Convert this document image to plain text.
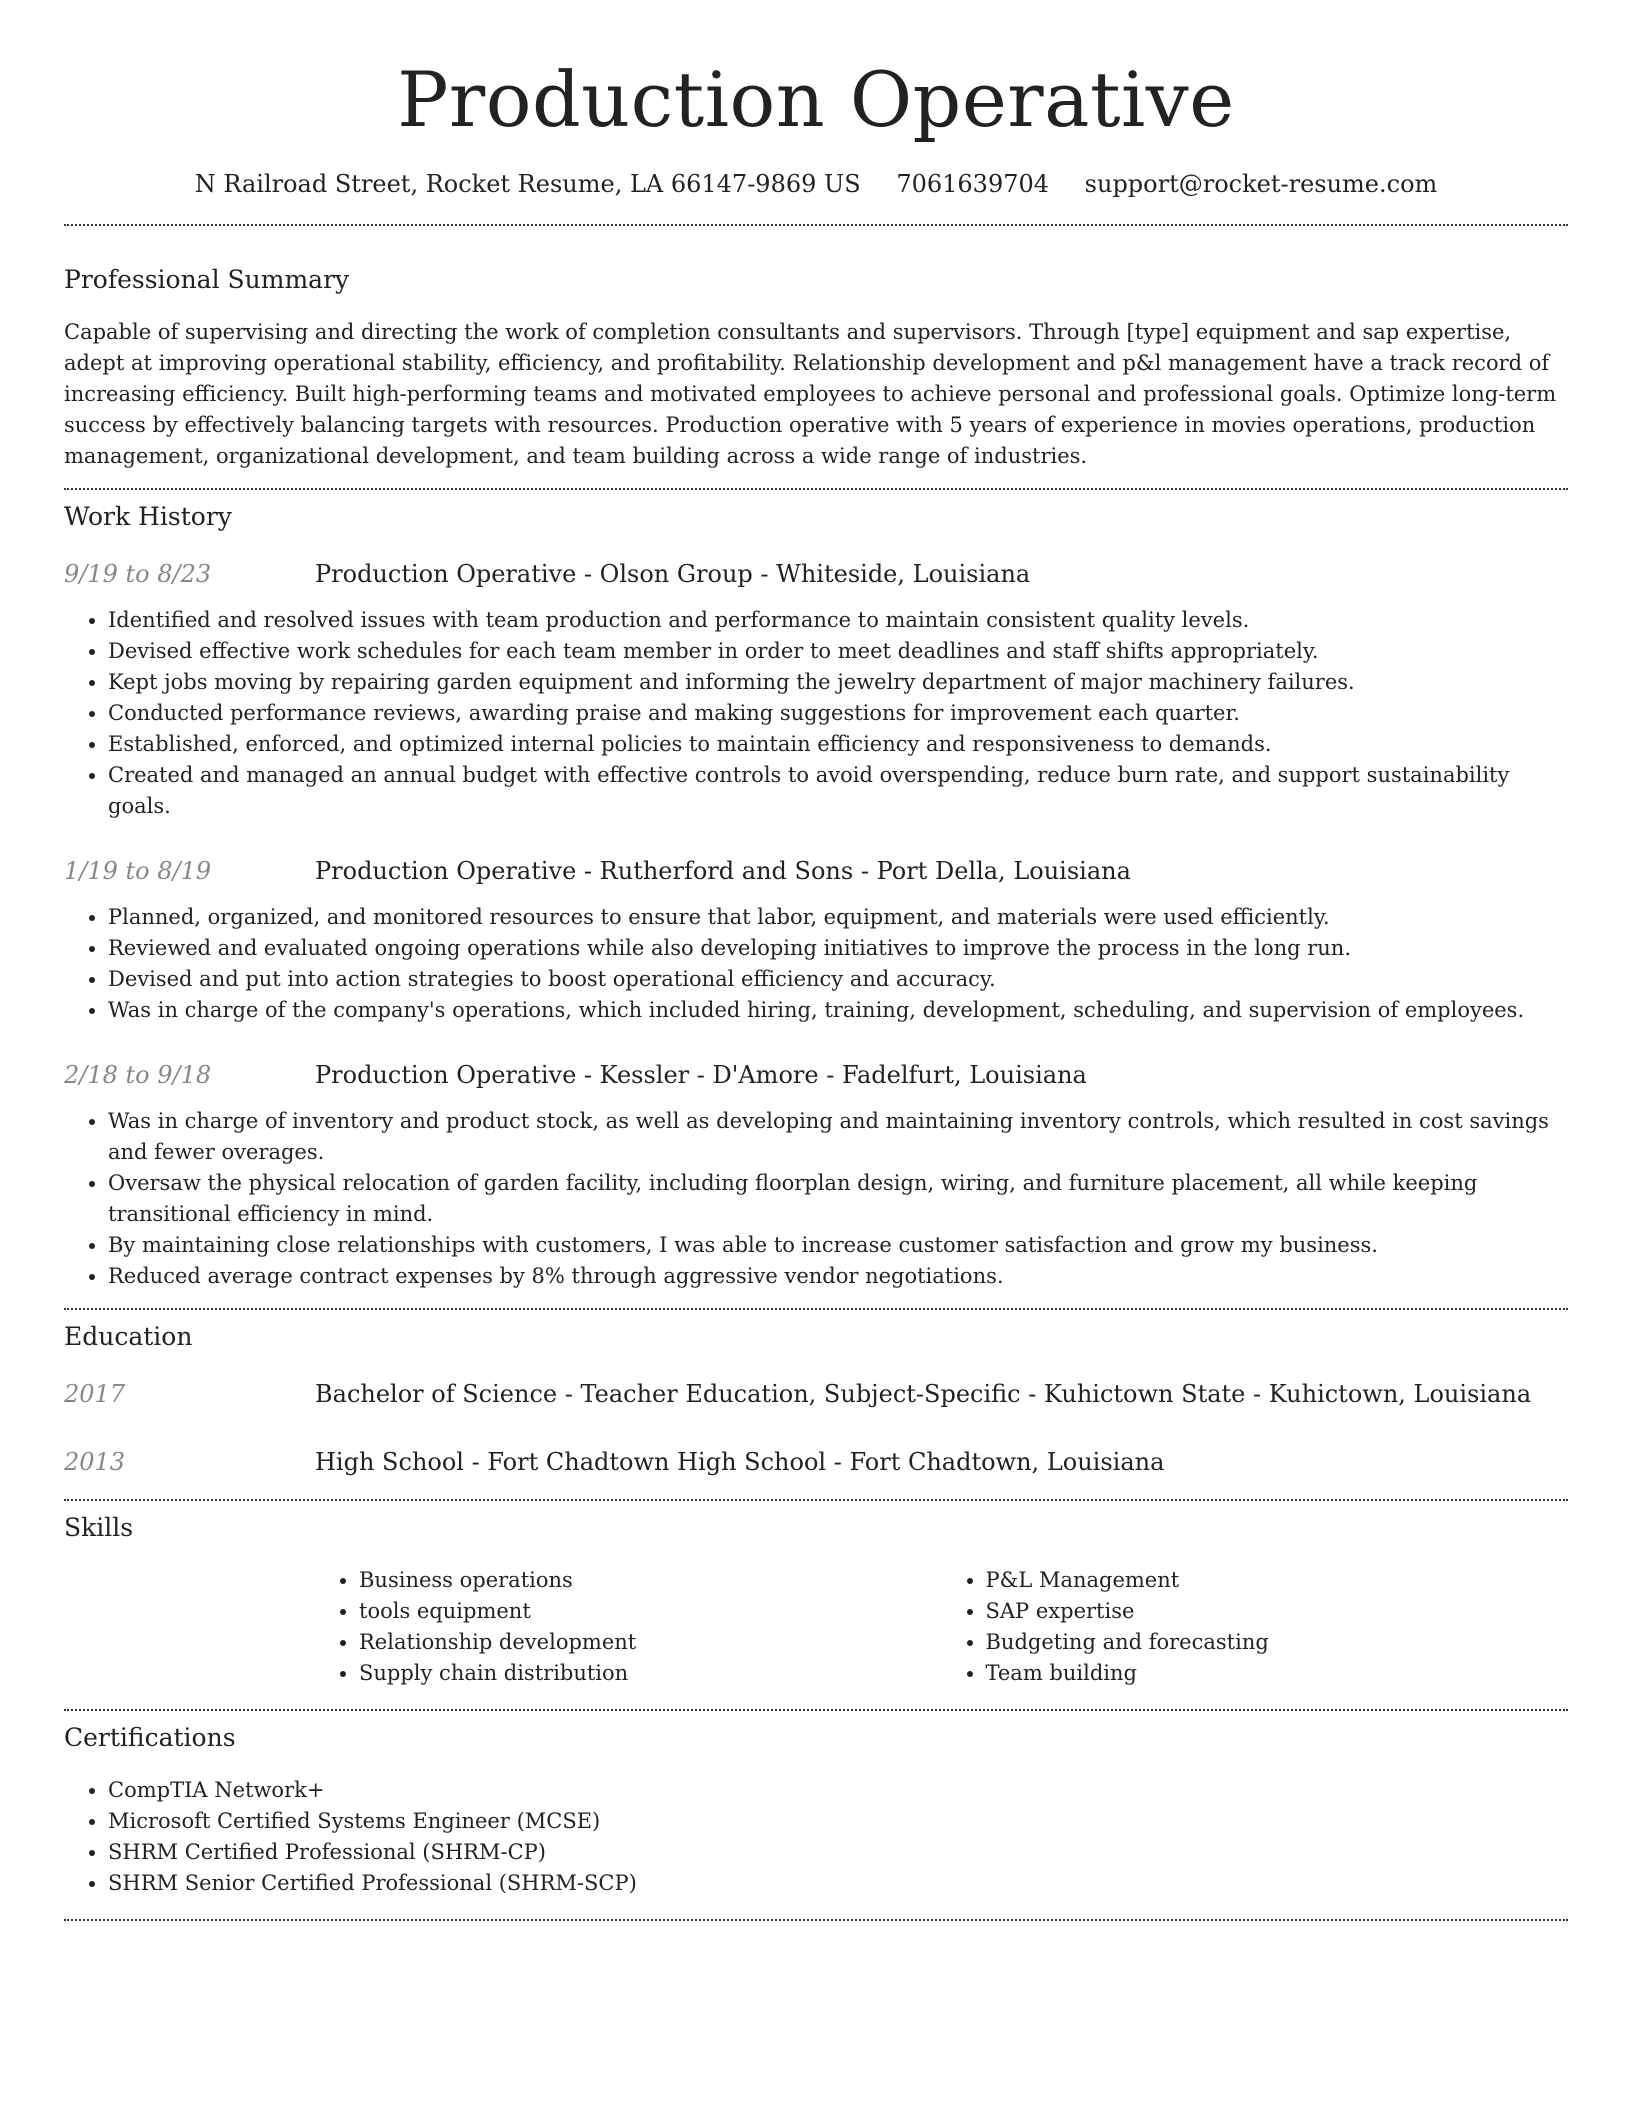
Production Operative
N Railroad Street, Rocket Resume, LA 66147-9869 US 7061639704 support@rocket-resume.com
Professional Summary

Capable of supervising and directing the work of completion consultants and supervisors. Through [type] equipment and sap expertise, adept at improving operational stability, efficiency, and profitability. Relationship development and p&l management have a track record of increasing efficiency. Built high-performing teams and motivated employees to achieve personal and professional goals. Optimize long-term success by effectively balancing targets with resources. Production operative with 5 years of experience in movies operations, production management, organizational development, and team building across a wide range of industries.

Work History
9/19 to 8/23	Production Operative - Olson Group - Whiteside, Louisiana
• Identified and resolved issues with team production and performance to maintain consistent quality levels.
• Devised effective work schedules for each team member in order to meet deadlines and staff shifts appropriately.
• Kept jobs moving by repairing garden equipment and informing the jewelry department of major machinery failures.
• Conducted performance reviews, awarding praise and making suggestions for improvement each quarter.
• Established, enforced, and optimized internal policies to maintain efficiency and responsiveness to demands.
• Created and managed an annual budget with effective controls to avoid overspending, reduce burn rate, and support sustainability goals.
1/19 to 8/19	Production Operative - Rutherford and Sons - Port Della, Louisiana
• Planned, organized, and monitored resources to ensure that labor, equipment, and materials were used efficiently.
• Reviewed and evaluated ongoing operations while also developing initiatives to improve the process in the long run.
• Devised and put into action strategies to boost operational efficiency and accuracy.
• Was in charge of the company's operations, which included hiring, training, development, scheduling, and supervision of employees.
2/18 to 9/18	Production Operative - Kessler - D'Amore - Fadelfurt, Louisiana
• Was in charge of inventory and product stock, as well as developing and maintaining inventory controls, which resulted in cost savings and fewer overages.
• Oversaw the physical relocation of garden facility, including floorplan design, wiring, and furniture placement, all while keeping transitional efficiency in mind.
• By maintaining close relationships with customers, I was able to increase customer satisfaction and grow my business.
• Reduced average contract expenses by 8% through aggressive vendor negotiations.
Education
2017	Bachelor of Science - Teacher Education, Subject-Specific - Kuhictown State - Kuhictown, Louisiana
2013	High School - Fort Chadtown High School - Fort Chadtown, Louisiana
Skills
• Business operations
• tools equipment
• Relationship development
• Supply chain distribution
• P&L Management
• SAP expertise
• Budgeting and forecasting
• Team building
Certifications
• CompTIA Network+
• Microsoft Certified Systems Engineer (MCSE)
• SHRM Certified Professional (SHRM-CP)
• SHRM Senior Certified Professional (SHRM-SCP)
